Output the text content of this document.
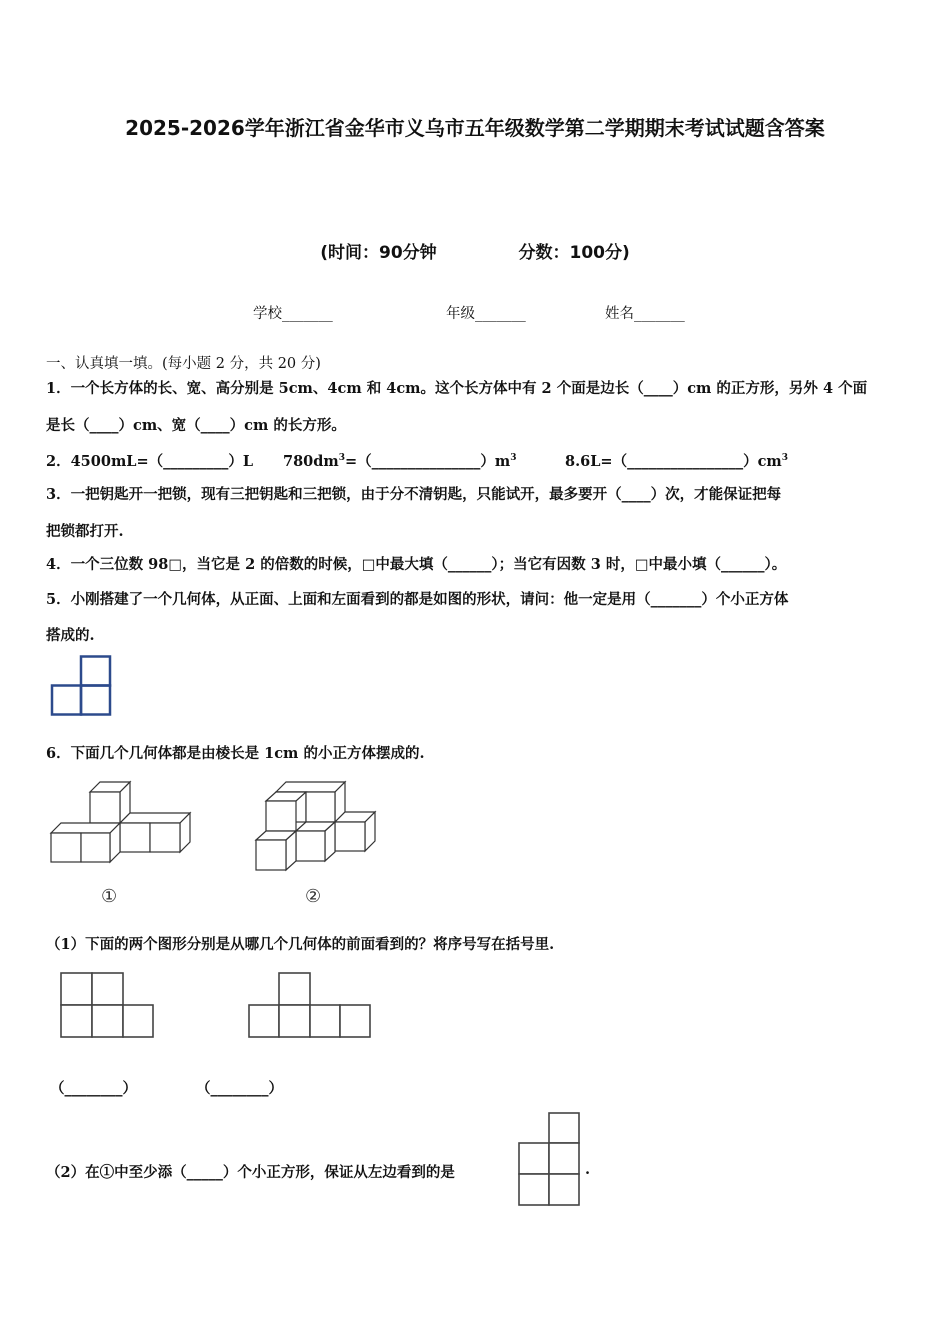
2025-2026学年浙江省金华市义乌市五年级数学第二学期期末考试试题含答案
(时间：90分钟	分数：100分)
学校_______	年级_______	姓名_______
一、认真填一填。(每小题 2 分，共 20 分)
1．一个长方体的长、宽、高分别是 5cm、4cm 和 4cm。这个长方体中有 2 个面是边长（____）cm 的正方形，另外 4 个面
是长（____）cm、宽（____）cm 的长方形。
2．4500mL=（_________）L $780dm^3=(\_\_\_\_\_\_\_\_\_\_\_\_\_\_\_)m^3$	$8.6L=(\_\_\_\_\_\_\_\_\_\_\_\_\_\_\_\_)cm^3$
3．一把钥匙开一把锁，现有三把钥匙和三把锁，由于分不清钥匙，只能试开，最多要开（____）次，才能保证把每
把锁都打开.
4．一个三位数 98□，当它是 2 的倍数的时候，□中最大填（______）；当它有因数 3 时，□中最小填（______）。
5．小刚搭建了一个几何体，从正面、上面和左面看到的都是如图的形状，请问：他一定是用（_______）个小正方体
搭成的.
6．下面几个几何体都是由棱长是 1cm 的小正方体摆成的.
①	②
（1）下面的两个图形分别是从哪几个几何体的前面看到的？将序号写在括号里.
（________）	（________）
（2）在①中至少添（_____）个小正方形，保证从左边看到的是	.
